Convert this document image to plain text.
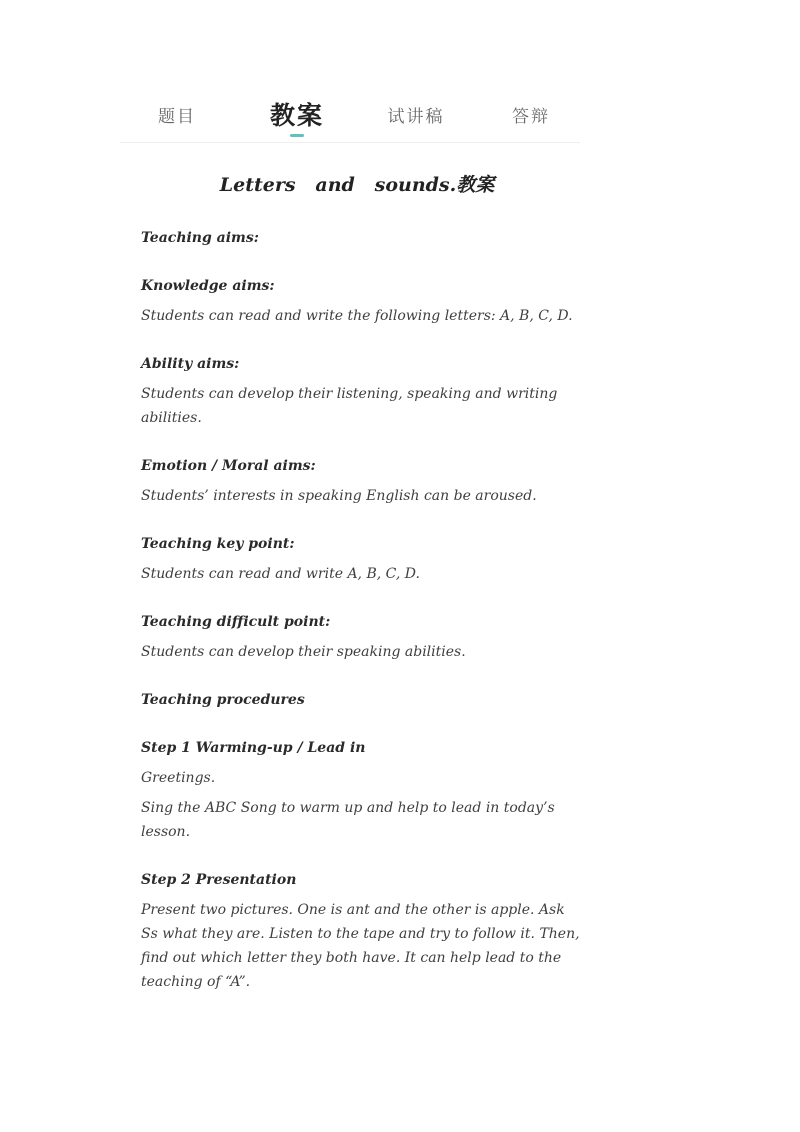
题目	教案	试讲稿	答辩
Letters   and   sounds.教案

Teaching aims:

Knowledge aims:

Students can read and write the following letters: A, B, C, D.

Ability aims:

Students can develop their listening, speaking and writing abilities.

Emotion / Moral aims:

Students’ interests in speaking English can be aroused.

Teaching key point:

Students can read and write A, B, C, D.

Teaching difficult point:

Students can develop their speaking abilities.

Teaching procedures

Step 1 Warming-up / Lead in

Greetings.

Sing the ABC Song to warm up and help to lead in today’s lesson.

Step 2 Presentation

Present two pictures. One is ant and the other is apple. Ask Ss what they are. Listen to the tape and try to follow it. Then, find out which letter they both have. It can help lead to the teaching of “A”.
